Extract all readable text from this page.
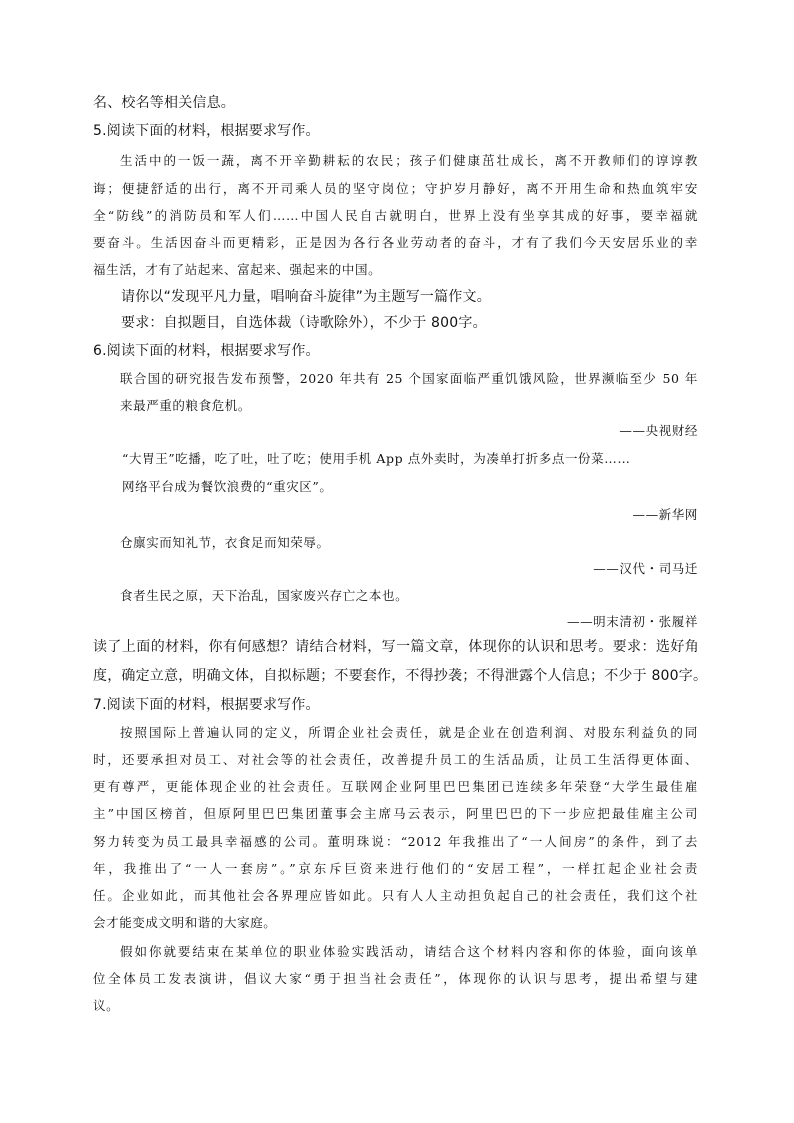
名、校名等相关信息。
5.阅读下面的材料，根据要求写作。
生活中的一饭一蔬，离不开辛勤耕耘的农民；孩子们健康茁壮成长，离不开教师们的谆谆教
诲；便捷舒适的出行，离不开司乘人员的坚守岗位；守护岁月静好，离不开用生命和热血筑牢安
全“防线”的消防员和军人们……中国人民自古就明白，世界上没有坐享其成的好事，要幸福就
要奋斗。生活因奋斗而更精彩，正是因为各行各业劳动者的奋斗，才有了我们今天安居乐业的幸
福生活，才有了站起来、富起来、强起来的中国。
请你以“发现平凡力量，唱响奋斗旋律”为主题写一篇作文。
要求：自拟题目，自选体裁（诗歌除外），不少于 800字。
6.阅读下面的材料，根据要求写作。
联合国的研究报告发布预警，2020 年共有 25 个国家面临严重饥饿风险，世界濒临至少 50 年
来最严重的粮食危机。
——央视财经
“大胃王”吃播，吃了吐，吐了吃；使用手机 App 点外卖时，为凑单打折多点一份菜……
网络平台成为餐饮浪费的“重灾区”。
——新华网
仓廪实而知礼节，衣食足而知荣辱。
——汉代・司马迁
食者生民之原，天下治乱，国家废兴存亡之本也。
——明末清初・张履祥
读了上面的材料，你有何感想？请结合材料，写一篇文章，体现你的认识和思考。要求：选好角
度，确定立意，明确文体，自拟标题；不要套作，不得抄袭；不得泄露个人信息；不少于 800字。
7.阅读下面的材料，根据要求写作。
按照国际上普遍认同的定义，所谓企业社会责任，就是企业在创造利润、对股东利益负的同
时，还要承担对员工、对社会等的社会责任，改善提升员工的生活品质，让员工生活得更体面、
更有尊严，更能体现企业的社会责任。互联网企业阿里巴巴集团已连续多年荣登“大学生最佳雇
主”中国区榜首，但原阿里巴巴集团董事会主席马云表示，阿里巴巴的下一步应把最佳雇主公司
努力转变为员工最具幸福感的公司。董明珠说：“2012 年我推出了“一人间房”的条件，到了去
年，我推出了“一人一套房”。”京东斥巨资来进行他们的“安居工程”，一样扛起企业社会责
任。企业如此，而其他社会各界理应皆如此。只有人人主动担负起自己的社会责任，我们这个社
会才能变成文明和谐的大家庭。
假如你就要结束在某单位的职业体验实践活动，请结合这个材料内容和你的体验，面向该单
位全体员工发表演讲，倡议大家“勇于担当社会责任”，体现你的认识与思考，提出希望与建
议。
